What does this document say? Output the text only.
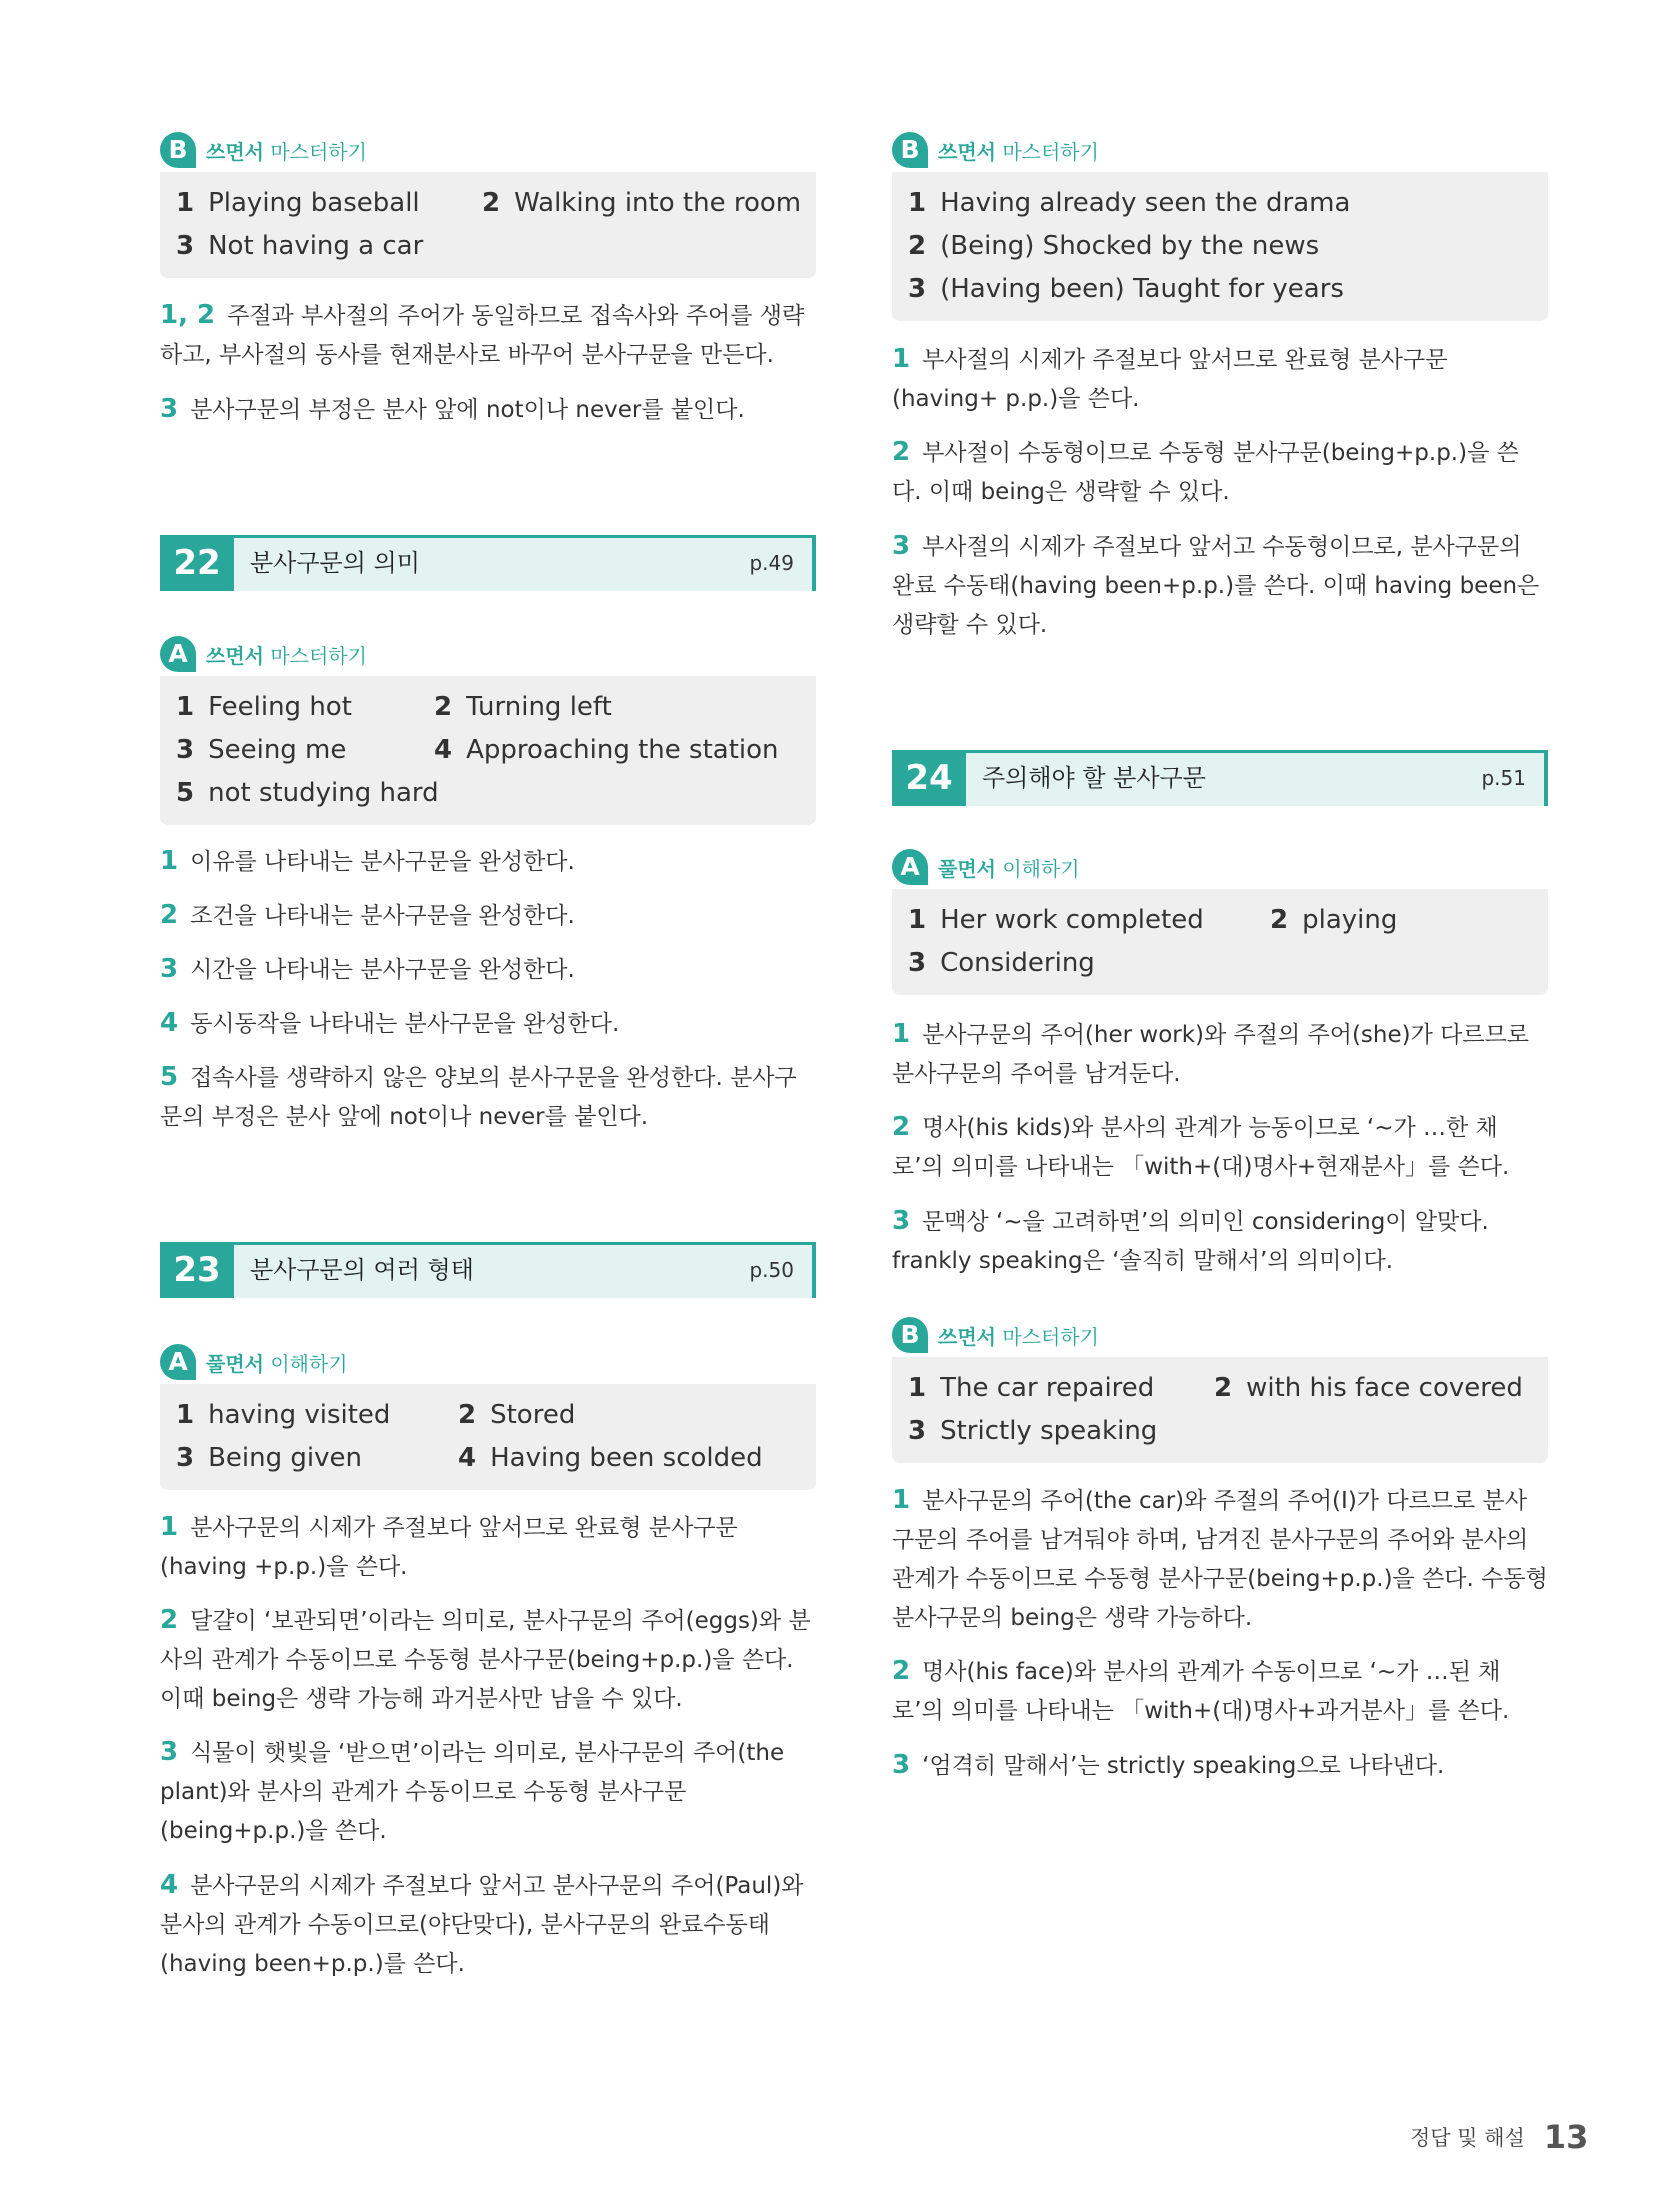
B 쓰면서 마스터하기
1 Playing baseball 2 Walking into the room
3 Not having a car
1, 2 주절과 부사절의 주어가 동일하므로 접속사와 주어를 생략하고, 부사절의 동사를 현재분사로 바꾸어 분사구문을 만든다.
3 분사구문의 부정은 분사 앞에 not이나 never를 붙인다.
22	분사구문의 의미	p.49
A 쓰면서 마스터하기
1 Feeling hot	2 Turning left
3 Seeing me	4 Approaching the station
5 not studying hard
1 이유를 나타내는 분사구문을 완성한다.
2 조건을 나타내는 분사구문을 완성한다.
3 시간을 나타내는 분사구문을 완성한다.
4 동시동작을 나타내는 분사구문을 완성한다.
5 접속사를 생략하지 않은 양보의 분사구문을 완성한다. 분사구문의 부정은 분사 앞에 not이나 never를 붙인다.
23	분사구문의 여러 형태	p.50
A 풀면서 이해하기
1 having visited	2 Stored
3 Being given	4 Having been scolded
1 분사구문의 시제가 주절보다 앞서므로 완료형 분사구문(having +p.p.)을 쓴다.
2 달걀이 ‘보관되면’이라는 의미로, 분사구문의 주어(eggs)와 분사의 관계가 수동이므로 수동형 분사구문(being+p.p.)을 쓴다. 이때 being은 생략 가능해 과거분사만 남을 수 있다.
3 식물이 햇빛을 ‘받으면’이라는 의미로, 분사구문의 주어(the plant)와 분사의 관계가 수동이므로 수동형 분사구문(being+p.p.)을 쓴다.
4 분사구문의 시제가 주절보다 앞서고 분사구문의 주어(Paul)와 분사의 관계가 수동이므로(야단맞다), 분사구문의 완료수동태(having been+p.p.)를 쓴다.
B 쓰면서 마스터하기
1 Having already seen the drama
2 (Being) Shocked by the news
3 (Having been) Taught for years
1 부사절의 시제가 주절보다 앞서므로 완료형 분사구문(having+ p.p.)을 쓴다.
2 부사절이 수동형이므로 수동형 분사구문(being+p.p.)을 쓴다. 이때 being은 생략할 수 있다.
3 부사절의 시제가 주절보다 앞서고 수동형이므로, 분사구문의 완료 수동태(having been+p.p.)를 쓴다. 이때 having been은 생략할 수 있다.
24	주의해야 할 분사구문	p.51
A 풀면서 이해하기
1 Her work completed	2 playing
3 Considering
1 분사구문의 주어(her work)와 주절의 주어(she)가 다르므로 분사구문의 주어를 남겨둔다.
2 명사(his kids)와 분사의 관계가 능동이므로 ‘~가 …한 채로’의 의미를 나타내는 「with+(대)명사+현재분사」를 쓴다.
3 문맥상 ‘~을 고려하면’의 의미인 considering이 알맞다. frankly speaking은 ‘솔직히 말해서’의 의미이다.
B 쓰면서 마스터하기
1 The car repaired 2 with his face covered
3 Strictly speaking
1 분사구문의 주어(the car)와 주절의 주어(I)가 다르므로 분사구문의 주어를 남겨둬야 하며, 남겨진 분사구문의 주어와 분사의 관계가 수동이므로 수동형 분사구문(being+p.p.)을 쓴다. 수동형 분사구문의 being은 생략 가능하다.
2 명사(his face)와 분사의 관계가 수동이므로 ‘~가 …된 채로’의 의미를 나타내는 「with+(대)명사+과거분사」를 쓴다.
3 ‘엄격히 말해서’는 strictly speaking으로 나타낸다.
정답 및 해설 13
